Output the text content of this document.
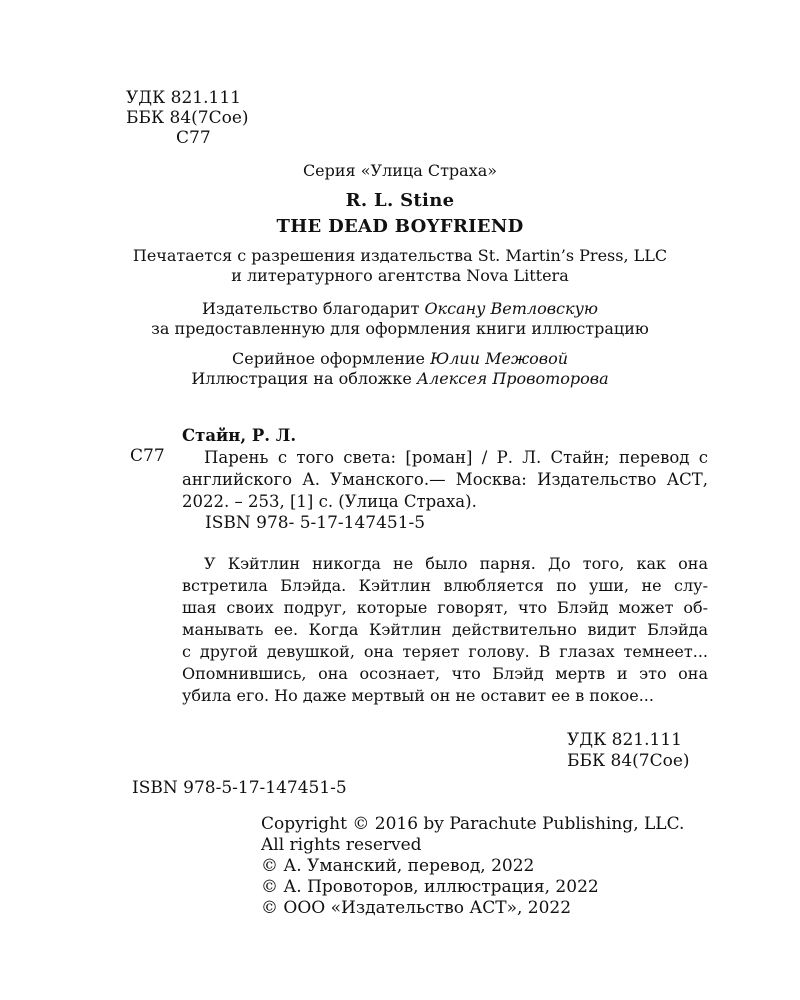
УДК 821.111
ББК 84(7Сое)
С77
Серия «Улица Страха»
R. L. Stine
THE DEAD BOYFRIEND
Печатается с разрешения издательства St. Martin’s Press, LLC
и литературного агентства Nova Littera
Издательство благодарит Оксану Ветловскую
за предоставленную для оформления книги иллюстрацию
Серийное оформление Юлии Межовой
Иллюстрация на обложке Алексея Провоторова
С77
Стайн, Р. Л.
Парень с того света: [роман] / Р. Л. Стайн; перевод с
английского А. Уманского.— Москва: Издательство АСТ,
2022. – 253, [1] с. (Улица Страха).
ISBN 978- 5-17-147451-5
У Кэйтлин никогда не было парня. До того, как она
встретила Блэйда. Кэйтлин влюбляется по уши, не слу-
шая своих подруг, которые говорят, что Блэйд может об-
манывать ее. Когда Кэйтлин действительно видит Блэйда
с другой девушкой, она теряет голову. В глазах темнеет...
Опомнившись, она осознает, что Блэйд мертв и это она
убила его. Но даже мертвый он не оставит ее в покое...
УДК 821.111
ББК 84(7Сое)
ISBN 978-5-17-147451-5
Copyright © 2016 by Parachute Publishing, LLC.
All rights reserved
© А. Уманский, перевод, 2022
© А. Провоторов, иллюстрация, 2022
© ООО «Издательство АСТ», 2022
